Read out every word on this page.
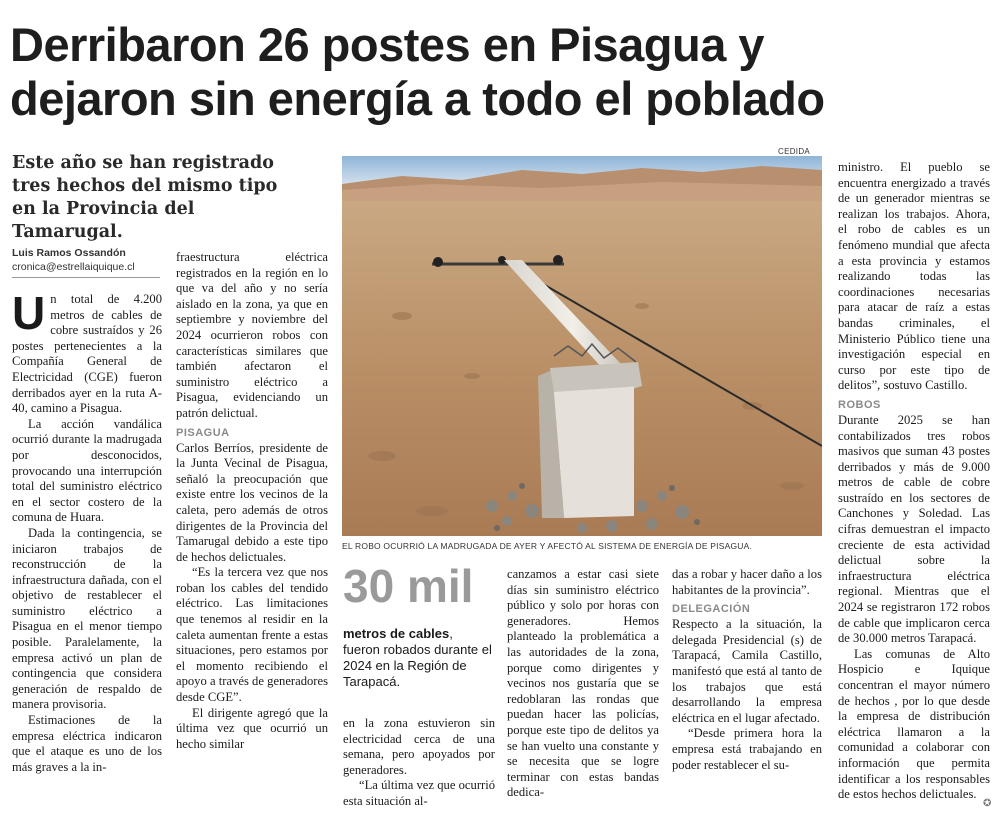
Derribaron 26 postes en Pisagua y
dejaron sin energía a todo el poblado
Este año se han registrado tres hechos del mismo tipo en la Provincia del Tamarugal.
Luis Ramos Ossandón
cronica@estrellaiquique.cl

Un total de 4.200 metros de cables de cobre sustraídos y 26 postes pertenecientes a la Compañía General de Electricidad (CGE) fueron derribados ayer en la ruta A-40, camino a Pisagua.

La acción vandálica ocurrió durante la madrugada por desconocidos, provocando una interrupción total del suministro eléctrico en el sector costero de la comuna de Huara.

Dada la contingencia, se iniciaron trabajos de reconstrucción de la infraestructura dañada, con el objetivo de restablecer el suministro eléctrico a Pisagua en el menor tiempo posible. Paralelamente, la empresa activó un plan de contingencia que considera generación de respaldo de manera provisoria.

Estimaciones de la empresa eléctrica indicaron que el ataque es uno de los más graves a la in-

fraestructura eléctrica registrados en la región en lo que va del año y no sería aislado en la zona, ya que en septiembre y noviembre del 2024 ocurrieron robos con características similares que también afectaron el suministro eléctrico a Pisagua, evidenciando un patrón delictual.

PISAGUA

Carlos Berríos, presidente de la Junta Vecinal de Pisagua, señaló la preocupación que existe entre los vecinos de la caleta, pero además de otros dirigentes de la Provincia del Tamarugal debido a este tipo de hechos delictuales.

“Es la tercera vez que nos roban los cables del tendido eléctrico. Las limitaciones que tenemos al residir en la caleta aumentan frente a estas situaciones, pero estamos por el momento recibiendo el apoyo a través de generadores desde CGE”.

El dirigente agregó que la última vez que ocurrió un hecho similar

CEDIDA
EL ROBO OCURRIÓ LA MADRUGADA DE AYER Y AFECTÓ AL SISTEMA DE ENERGÍA DE PISAGUA.
30 mil
metros de cables, fueron robados durante el 2024 en la Región de Tarapacá.

en la zona estuvieron sin electricidad cerca de una semana, pero apoyados por generadores.

“La última vez que ocurrió esta situación al-

canzamos a estar casi siete días sin suministro eléctrico público y solo por horas con generadores. Hemos planteado la problemática a las autoridades de la zona, porque como dirigentes y vecinos nos gustaría que se redoblaran las rondas que puedan hacer las policías, porque este tipo de delitos ya se han vuelto una constante y se necesita que se logre terminar con estas bandas dedica-

das a robar y hacer daño a los habitantes de la provincia”.

DELEGACIÓN

Respecto a la situación, la delegada Presidencial (s) de Tarapacá, Camila Castillo, manifestó que está al tanto de los trabajos que está desarrollando la empresa eléctrica en el lugar afectado.

“Desde primera hora la empresa está trabajando en poder restablecer el su-

ministro. El pueblo se encuentra energizado a través de un generador mientras se realizan los trabajos. Ahora, el robo de cables es un fenómeno mundial que afecta a esta provincia y estamos realizando todas las coordinaciones necesarias para atacar de raíz a estas bandas criminales, el Ministerio Público tiene una investigación especial en curso por este tipo de delitos”, sostuvo Castillo.

ROBOS

Durante 2025 se han contabilizados tres robos masivos que suman 43 postes derribados y más de 9.000 metros de cable de cobre sustraído en los sectores de Canchones y Soledad. Las cifras demuestran el impacto creciente de esta actividad delictual sobre la infraestructura eléctrica regional. Mientras que el 2024 se registraron 172 robos de cable que implicaron cerca de 30.000 metros Tarapacá.

Las comunas de Alto Hospicio e Iquique concentran el mayor número de hechos , por lo que desde la empresa de distribución eléctrica llamaron a la comunidad a colaborar con información que permita identificar a los responsables de estos hechos delictuales.

✪
